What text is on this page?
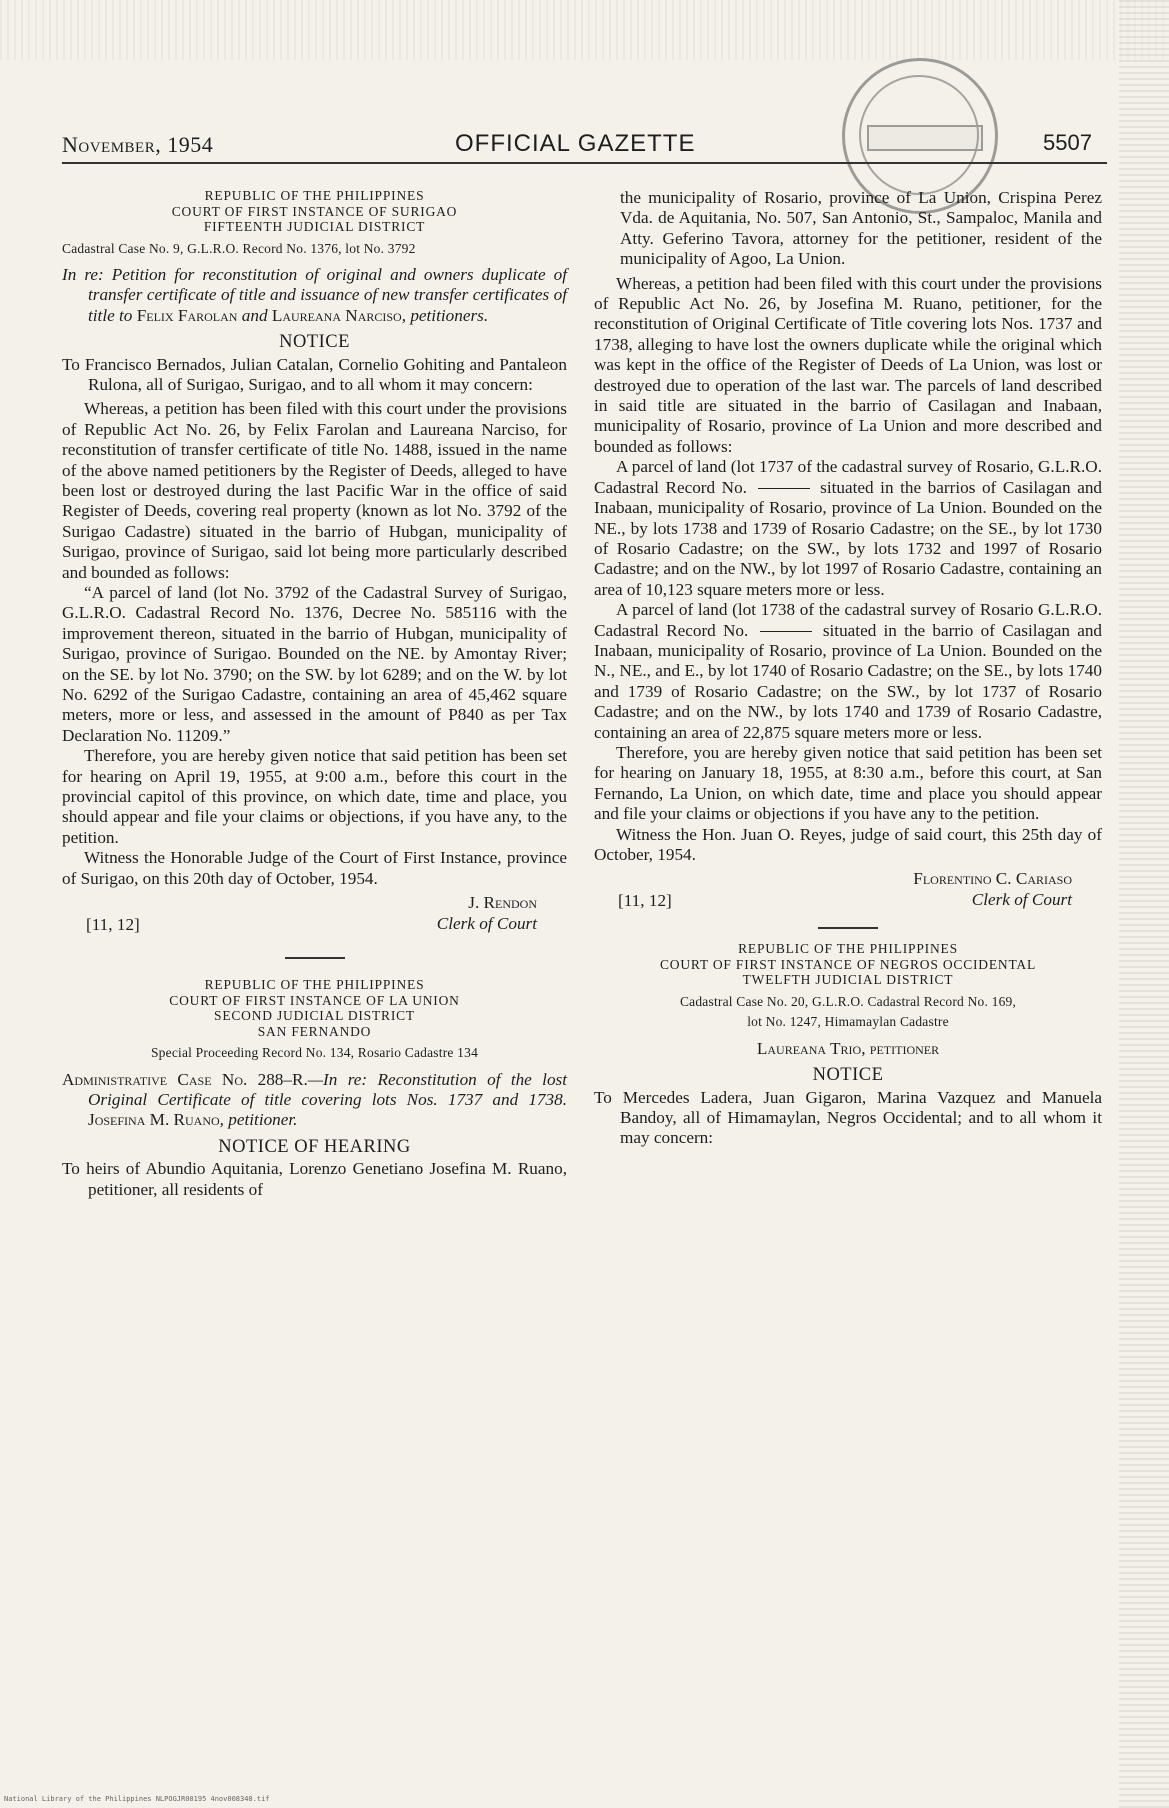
November, 1954	OFFICIAL GAZETTE	5507
REPUBLIC OF THE PHILIPPINES
COURT OF FIRST INSTANCE OF SURIGAO
FIFTEENTH JUDICIAL DISTRICT
Cadastral Case No. 9, G.L.R.O. Record No. 1376, lot No. 3792
In re: Petition for reconstitution of original and owners duplicate of transfer certificate of title and issuance of new transfer certificates of title to Felix Farolan and Laureana Narciso, petitioners.
NOTICE
To Francisco Bernados, Julian Catalan, Cornelio Gohiting and Pantaleon Rulona, all of Surigao, Surigao, and to all whom it may concern:

Whereas, a petition has been filed with this court under the provisions of Republic Act No. 26, by Felix Farolan and Laureana Narciso, for reconstitution of transfer certificate of title No. 1488, issued in the name of the above named petitioners by the Register of Deeds, alleged to have been lost or destroyed during the last Pacific War in the office of said Register of Deeds, covering real property (known as lot No. 3792 of the Surigao Cadastre) situated in the barrio of Hubgan, municipality of Surigao, province of Surigao, said lot being more particularly described and bounded as follows:

“A parcel of land (lot No. 3792 of the Cadastral Survey of Surigao, G.L.R.O. Cadastral Record No. 1376, Decree No. 585116 with the improvement thereon, situated in the barrio of Hubgan, municipality of Surigao, province of Surigao. Bounded on the NE. by Amontay River; on the SE. by lot No. 3790; on the SW. by lot 6289; and on the W. by lot No. 6292 of the Surigao Cadastre, containing an area of 45,462 square meters, more or less, and assessed in the amount of P840 as per Tax Declaration No. 11209.”

Therefore, you are hereby given notice that said petition has been set for hearing on April 19, 1955, at 9:00 a.m., before this court in the provincial capitol of this province, on which date, time and place, you should appear and file your claims or objections, if you have any, to the petition.

Witness the Honorable Judge of the Court of First Instance, province of Surigao, on this 20th day of October, 1954.

J. Rendon
Clerk of Court
[11, 12]
REPUBLIC OF THE PHILIPPINES
COURT OF FIRST INSTANCE OF LA UNION
SECOND JUDICIAL DISTRICT
SAN FERNANDO
Special Proceeding Record No. 134, Rosario Cadastre 134
Administrative Case No. 288–R.—In re: Reconstitution of the lost Original Certificate of title covering lots Nos. 1737 and 1738. Josefina M. Ruano, petitioner.
NOTICE OF HEARING
To heirs of Abundio Aquitania, Lorenzo Genetiano Josefina M. Ruano, petitioner, all residents of
the municipality of Rosario, province of La Union, Crispina Perez Vda. de Aquitania, No. 507, San Antonio, St., Sampaloc, Manila and Atty. Geferino Tavora, attorney for the petitioner, resident of the municipality of Agoo, La Union.

Whereas, a petition had been filed with this court under the provisions of Republic Act No. 26, by Josefina M. Ruano, petitioner, for the reconstitution of Original Certificate of Title covering lots Nos. 1737 and 1738, alleging to have lost the owners duplicate while the original which was kept in the office of the Register of Deeds of La Union, was lost or destroyed due to operation of the last war. The parcels of land described in said title are situated in the barrio of Casilagan and Inabaan, municipality of Rosario, province of La Union and more described and bounded as follows:

A parcel of land (lot 1737 of the cadastral survey of Rosario, G.L.R.O. Cadastral Record No.	situated in the barrios of Casilagan and Inabaan, municipality of Rosario, province of La Union. Bounded on the NE., by lots 1738 and 1739 of Rosario Cadastre; on the SE., by lot 1730 of Rosario Cadastre; on the SW., by lots 1732 and 1997 of Rosario Cadastre; and on the NW., by lot 1997 of Rosario Cadastre, containing an area of 10,123 square meters more or less.

A parcel of land (lot 1738 of the cadastral survey of Rosario G.L.R.O. Cadastral Record No.	situated in the barrio of Casilagan and Inabaan, municipality of Rosario, province of La Union. Bounded on the N., NE., and E., by lot 1740 of Rosario Cadastre; on the SE., by lots 1740 and 1739 of Rosario Cadastre; on the SW., by lot 1737 of Rosario Cadastre; and on the NW., by lots 1740 and 1739 of Rosario Cadastre, containing an area of 22,875 square meters more or less.

Therefore, you are hereby given notice that said petition has been set for hearing on January 18, 1955, at 8:30 a.m., before this court, at San Fernando, La Union, on which date, time and place you should appear and file your claims or objections if you have any to the petition.

Witness the Hon. Juan O. Reyes, judge of said court, this 25th day of October, 1954.

Florentino C. Cariaso
Clerk of Court
[11, 12]
REPUBLIC OF THE PHILIPPINES
COURT OF FIRST INSTANCE OF NEGROS OCCIDENTAL
TWELFTH JUDICIAL DISTRICT
Cadastral Case No. 20, G.L.R.O. Cadastral Record No. 169,
lot No. 1247, Himamaylan Cadastre
Laureana Trio, petitioner
NOTICE
To Mercedes Ladera, Juan Gigaron, Marina Vazquez and Manuela Bandoy, all of Himamaylan, Negros Occidental; and to all whom it may concern:
National Library of the Philippines NLPOGJR00195 4nov008348.tif
